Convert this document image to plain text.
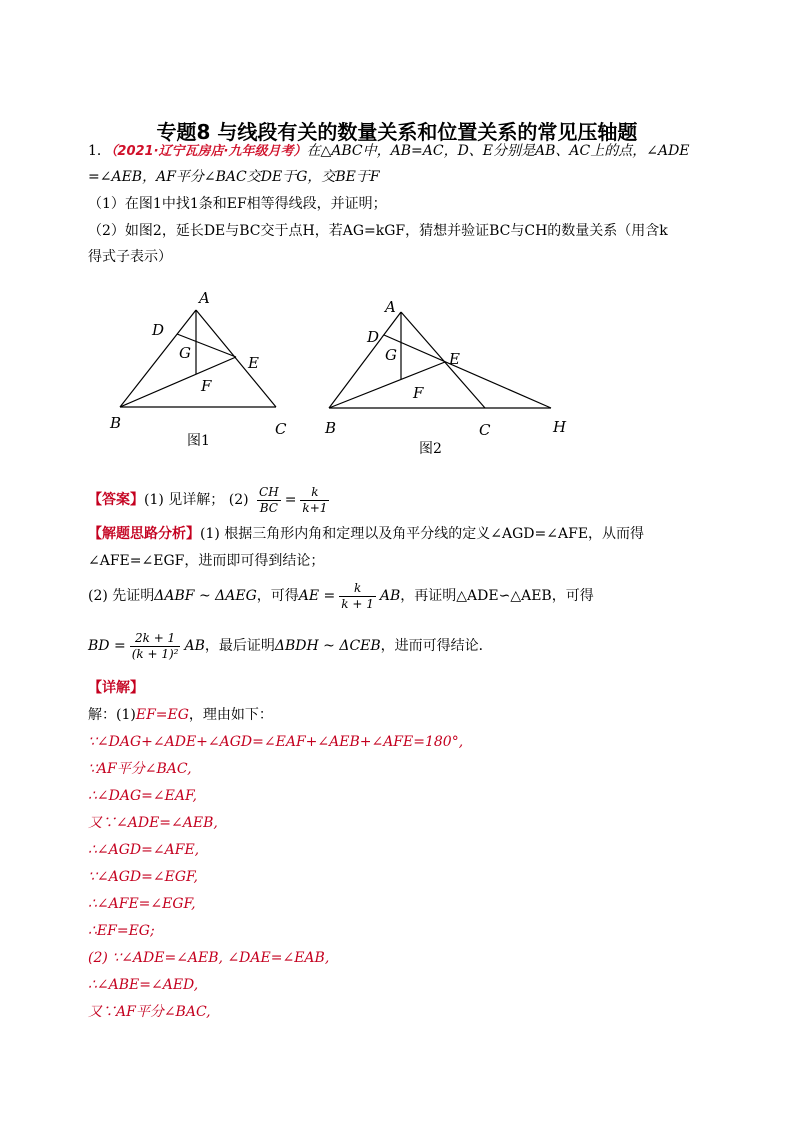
专题8 与线段有关的数量关系和位置关系的常见压轴题
1．（2021·辽宁瓦房店·九年级月考）在△ABC中，AB=AC，D、E分别是AB、AC上的点，∠ADE
=∠AEB，AF平分∠BAC交DE于G，交BE于F
（1）在图1中找1条和EF相等得线段，并证明；
（2）如图2，延长DE与BC交于点H，若AG=kGF，猜想并验证BC与CH的数量关系（用含k
得式子表示）
A
D
G
E
F
B	C
图1
A
D
G	E
F
B	C	H
图2
【答案】(1) 见详解； $(2) \frac{CH}{BC} = \frac{k}{k+1}$
【解题思路分析】(1) 根据三角形内角和定理以及角平分线的定义∠AGD=∠AFE，从而得
∠AFE=∠EGF，进而即可得到结论；
(2) 先证明ΔABF ~ ΔAEG，可得AE = $\frac{k}{k + 1}$ AB，再证明△ADE∽△AEB，可得
BD = $\frac{2k + 1}{\text{(k + 1)²}}$ AB，最后证明ΔBDH ~ ΔCEB，进而可得结论．
【详解】
解：(1)EF=EG，理由如下：
∵∠DAG+∠ADE+∠AGD=∠EAF+∠AEB+∠AFE=180°,
∵AF平分∠BAC,
∴∠DAG=∠EAF,
又∵∠ADE=∠AEB,
∴∠AGD=∠AFE,
∵∠AGD=∠EGF,
∴∠AFE=∠EGF,
∴EF=EG;
(2) ∵∠ADE=∠AEB, ∠DAE=∠EAB,
∴∠ABE=∠AED,
又∵AF平分∠BAC,
